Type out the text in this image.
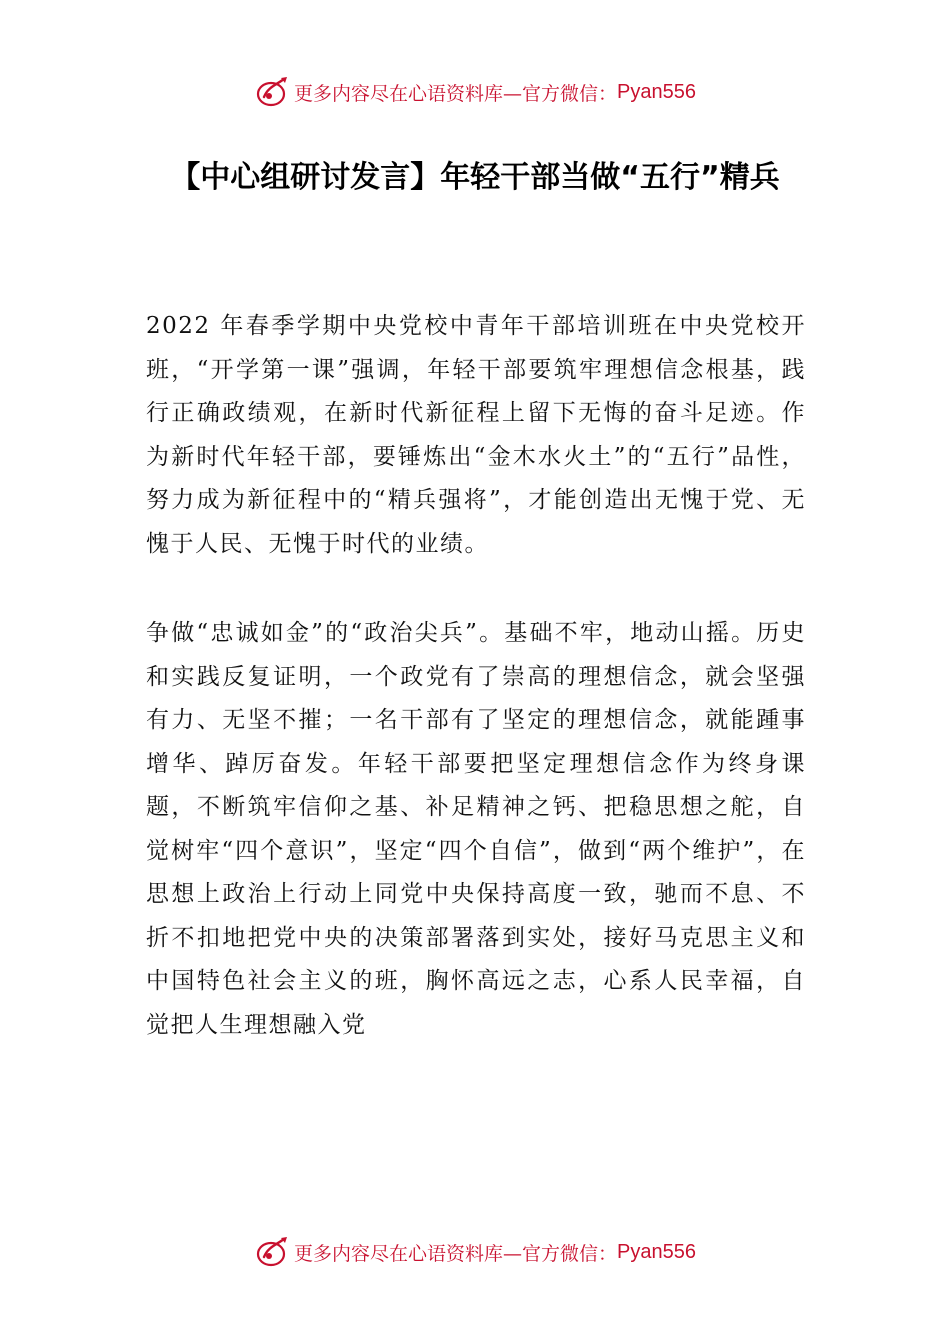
更多内容尽在心语资料库—官方微信： Pyan556
【中心组研讨发言】年轻干部当做“五行”精兵

2022 年春季学期中央党校中青年干部培训班在中央党校开班，“开学第一课”强调，年轻干部要筑牢理想信念根基，践行正确政绩观，在新时代新征程上留下无悔的奋斗足迹。作为新时代年轻干部，要锤炼出“金木水火土”的“五行”品性，努力成为新征程中的“精兵强将”，才能创造出无愧于党、无愧于人民、无愧于时代的业绩。

争做“忠诚如金”的“政治尖兵”。基础不牢，地动山摇。历史和实践反复证明，一个政党有了崇高的理想信念，就会坚强有力、无坚不摧；一名干部有了坚定的理想信念，就能踵事增华、踔厉奋发。年轻干部要把坚定理想信念作为终身课题，不断筑牢信仰之基、补足精神之钙、把稳思想之舵，自觉树牢“四个意识”，坚定“四个自信”，做到“两个维护”，在思想上政治上行动上同党中央保持高度一致，驰而不息、不折不扣地把党中央的决策部署落到实处，接好马克思主义和中国特色社会主义的班，胸怀高远之志，心系人民幸福，自觉把人生理想融入党

更多内容尽在心语资料库—官方微信： Pyan556
